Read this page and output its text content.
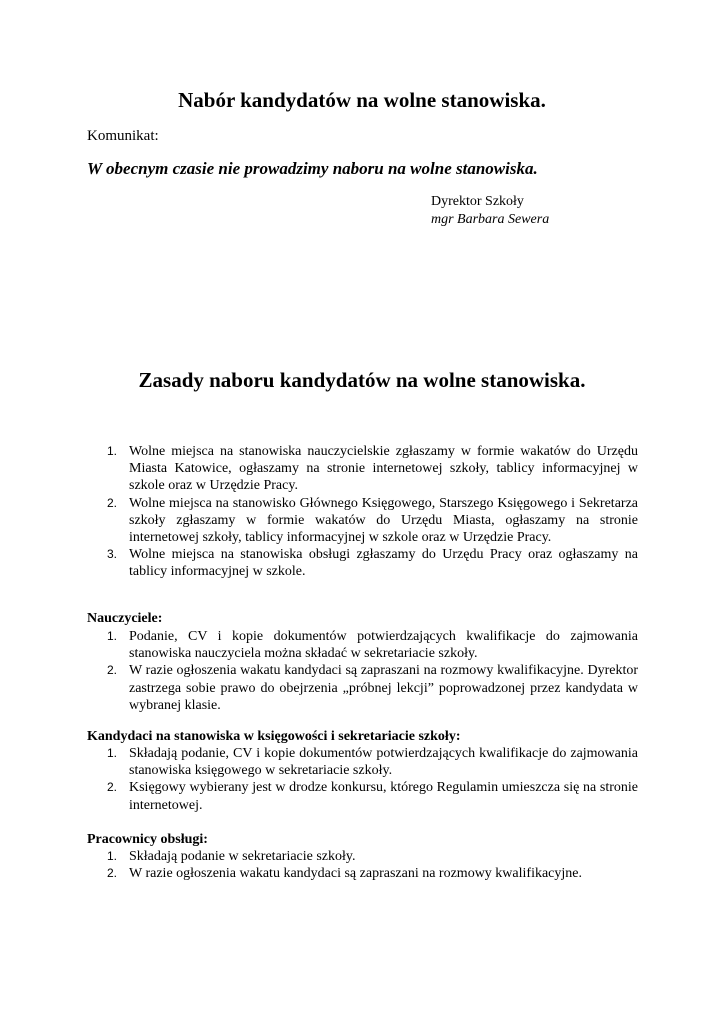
Nabór kandydatów na wolne stanowiska.
Komunikat:
W obecnym czasie nie prowadzimy naboru na wolne stanowiska.
Dyrektor Szkoły
mgr Barbara Sewera
Zasady naboru kandydatów na wolne stanowiska.
1. Wolne miejsca na stanowiska nauczycielskie zgłaszamy w formie wakatów do Urzędu Miasta Katowice, ogłaszamy na stronie internetowej szkoły, tablicy informacyjnej w szkole oraz w Urzędzie Pracy.
2. Wolne miejsca na stanowisko Głównego Księgowego, Starszego Księgowego i Sekretarza szkoły zgłaszamy w formie wakatów do Urzędu Miasta, ogłaszamy na stronie internetowej szkoły, tablicy informacyjnej w szkole oraz w Urzędzie Pracy.
3. Wolne miejsca na stanowiska obsługi zgłaszamy do Urzędu Pracy oraz ogłaszamy na tablicy informacyjnej w szkole.
Nauczyciele:
1. Podanie, CV i kopie dokumentów potwierdzających kwalifikacje do zajmowania stanowiska nauczyciela można składać w sekretariacie szkoły.
2. W razie ogłoszenia wakatu kandydaci są zapraszani na rozmowy kwalifikacyjne. Dyrektor zastrzega sobie prawo do obejrzenia „próbnej lekcji” poprowadzonej przez kandydata w wybranej klasie.
Kandydaci na stanowiska w księgowości i sekretariacie szkoły:
1. Składają podanie, CV i kopie dokumentów potwierdzających kwalifikacje do zajmowania stanowiska księgowego w sekretariacie szkoły.
2. Księgowy wybierany jest w drodze konkursu, którego Regulamin umieszcza się na stronie internetowej.
Pracownicy obsługi:
1. Składają podanie w sekretariacie szkoły.
2. W razie ogłoszenia wakatu kandydaci są zapraszani na rozmowy kwalifikacyjne.
